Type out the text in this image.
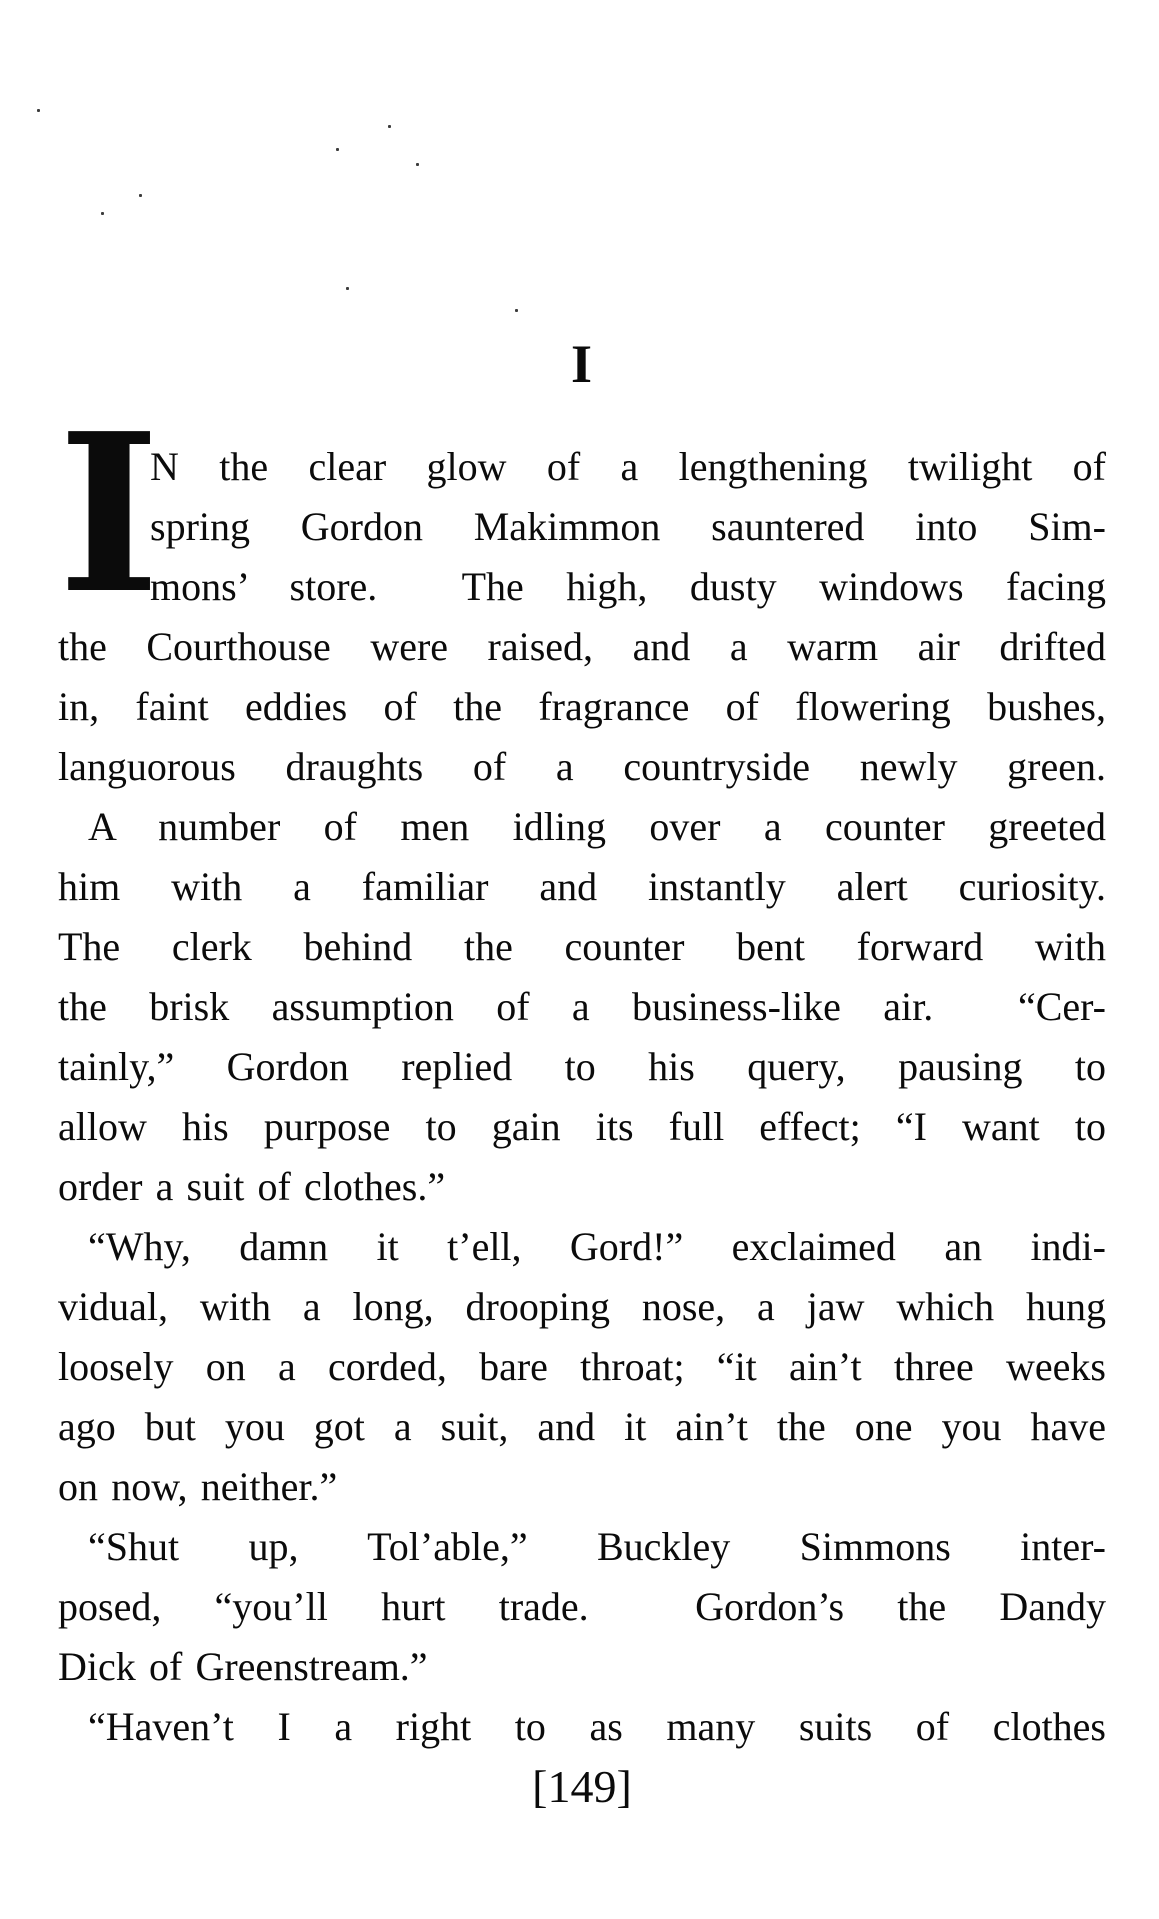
I
I
N the clear glow of a lengthening twilight of
spring Gordon Makimmon sauntered into Sim-
mons’ store.  The high, dusty windows facing
the Courthouse were raised, and a warm air drifted
in, faint eddies of the fragrance of flowering bushes,
languorous draughts of a countryside newly green.
A number of men idling over a counter greeted
him with a familiar and instantly alert curiosity.
The clerk behind the counter bent forward with
the brisk assumption of a business-like air.  “Cer-
tainly,” Gordon replied to his query, pausing to
allow his purpose to gain its full effect; “I want to
order a suit of clothes.”
“Why, damn it t’ell, Gord!” exclaimed an indi-
vidual, with a long, drooping nose, a jaw which hung
loosely on a corded, bare throat; “it ain’t three weeks
ago but you got a suit, and it ain’t the one you have
on now, neither.”
“Shut up, Tol’able,” Buckley Simmons inter-
posed, “you’ll hurt trade.  Gordon’s the Dandy
Dick of Greenstream.”
“Haven’t I a right to as many suits of clothes
[149]
